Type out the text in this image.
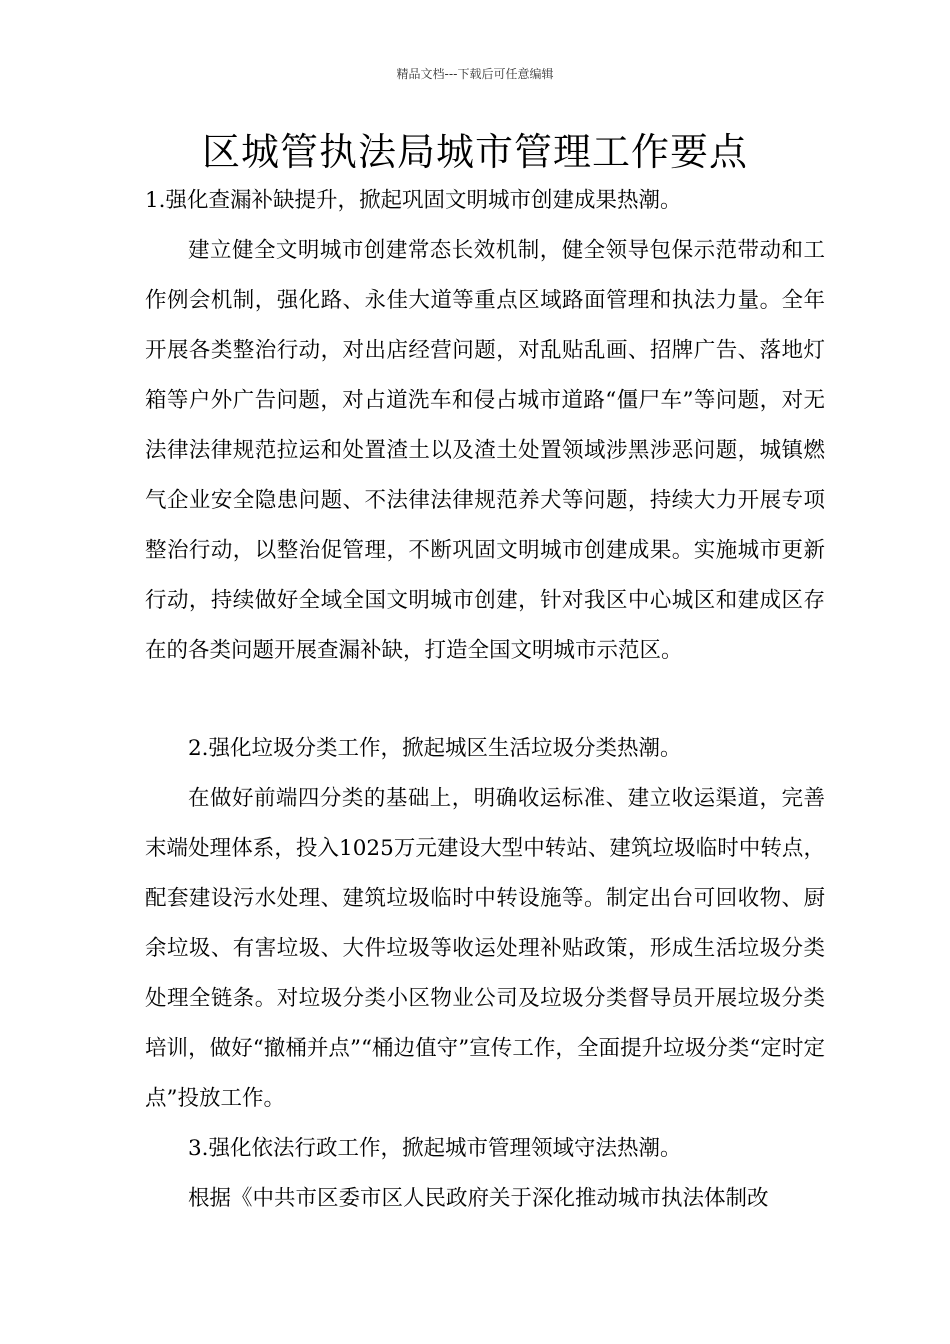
精品文档---下载后可任意编辑
区城管执法局城市管理工作要点

1.强化查漏补缺提升，掀起巩固文明城市创建成果热潮。

建立健全文明城市创建常态长效机制，健全领导包保示范带动和工作例会机制，强化路、永佳大道等重点区域路面管理和执法力量。全年开展各类整治行动，对出店经营问题，对乱贴乱画、招牌广告、落地灯箱等户外广告问题，对占道洗车和侵占城市道路“僵尸车”等问题，对无法律法律规范拉运和处置渣土以及渣土处置领域涉黑涉恶问题，城镇燃气企业安全隐患问题、不法律法律规范养犬等问题，持续大力开展专项整治行动，以整治促管理，不断巩固文明城市创建成果。实施城市更新行动，持续做好全域全国文明城市创建，针对我区中心城区和建成区存在的各类问题开展查漏补缺，打造全国文明城市示范区。

2.强化垃圾分类工作，掀起城区生活垃圾分类热潮。

在做好前端四分类的基础上，明确收运标准、建立收运渠道，完善末端处理体系，投入1025万元建设大型中转站、建筑垃圾临时中转点，配套建设污水处理、建筑垃圾临时中转设施等。制定出台可回收物、厨余垃圾、有害垃圾、大件垃圾等收运处理补贴政策，形成生活垃圾分类处理全链条。对垃圾分类小区物业公司及垃圾分类督导员开展垃圾分类培训，做好“撤桶并点”“桶边值守”宣传工作，全面提升垃圾分类“定时定点”投放工作。

3.强化依法行政工作，掀起城市管理领域守法热潮。

根据《中共市区委市区人民政府关于深化推动城市执法体制改
